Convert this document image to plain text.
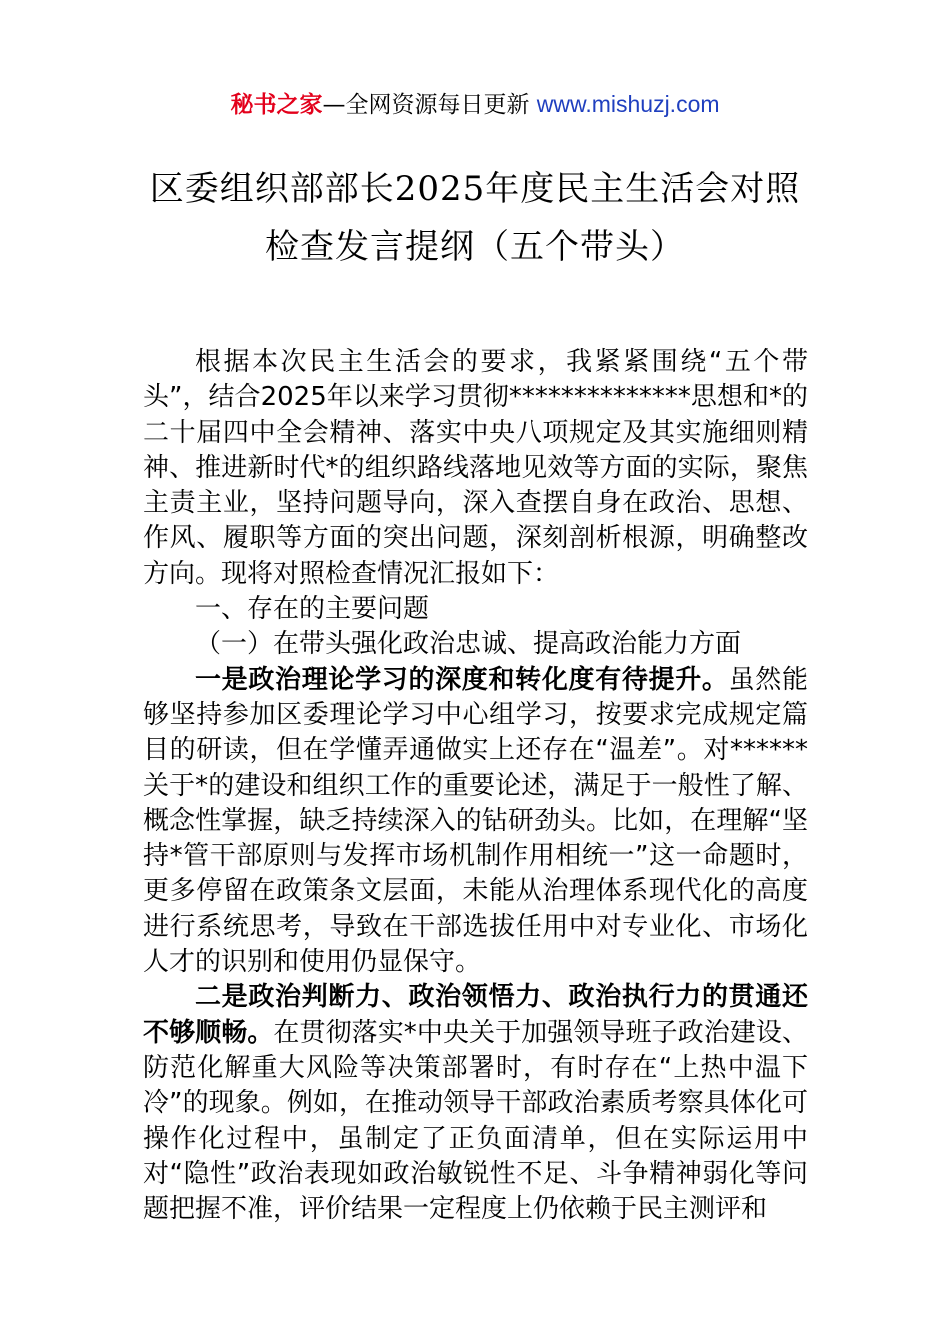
秘书之家—全网资源每日更新 www.mishuzj.com
区委组织部部长2025年度民主生活会对照
检查发言提纲（五个带头）

根据本次民主生活会的要求，我紧紧围绕“五个带头”，结合2025年以来学习贯彻**************思想和*的二十届四中全会精神、落实中央八项规定及其实施细则精神、推进新时代*的组织路线落地见效等方面的实际，聚焦主责主业，坚持问题导向，深入查摆自身在政治、思想、作风、履职等方面的突出问题，深刻剖析根源，明确整改方向。现将对照检查情况汇报如下：

一、存在的主要问题

（一）在带头强化政治忠诚、提高政治能力方面

一是政治理论学习的深度和转化度有待提升。虽然能够坚持参加区委理论学习中心组学习，按要求完成规定篇目的研读，但在学懂弄通做实上还存在“温差”。对******关于*的建设和组织工作的重要论述，满足于一般性了解、概念性掌握，缺乏持续深入的钻研劲头。比如，在理解“坚持*管干部原则与发挥市场机制作用相统一”这一命题时，更多停留在政策条文层面，未能从治理体系现代化的高度进行系统思考，导致在干部选拔任用中对专业化、市场化人才的识别和使用仍显保守。

二是政治判断力、政治领悟力、政治执行力的贯通还不够顺畅。在贯彻落实*中央关于加强领导班子政治建设、防范化解重大风险等决策部署时，有时存在“上热中温下冷”的现象。例如，在推动领导干部政治素质考察具体化可操作化过程中，虽制定了正负面清单，但在实际运用中对“隐性”政治表现如政治敏锐性不足、斗争精神弱化等问题把握不准，评价结果一定程度上仍依赖于民主测评和
